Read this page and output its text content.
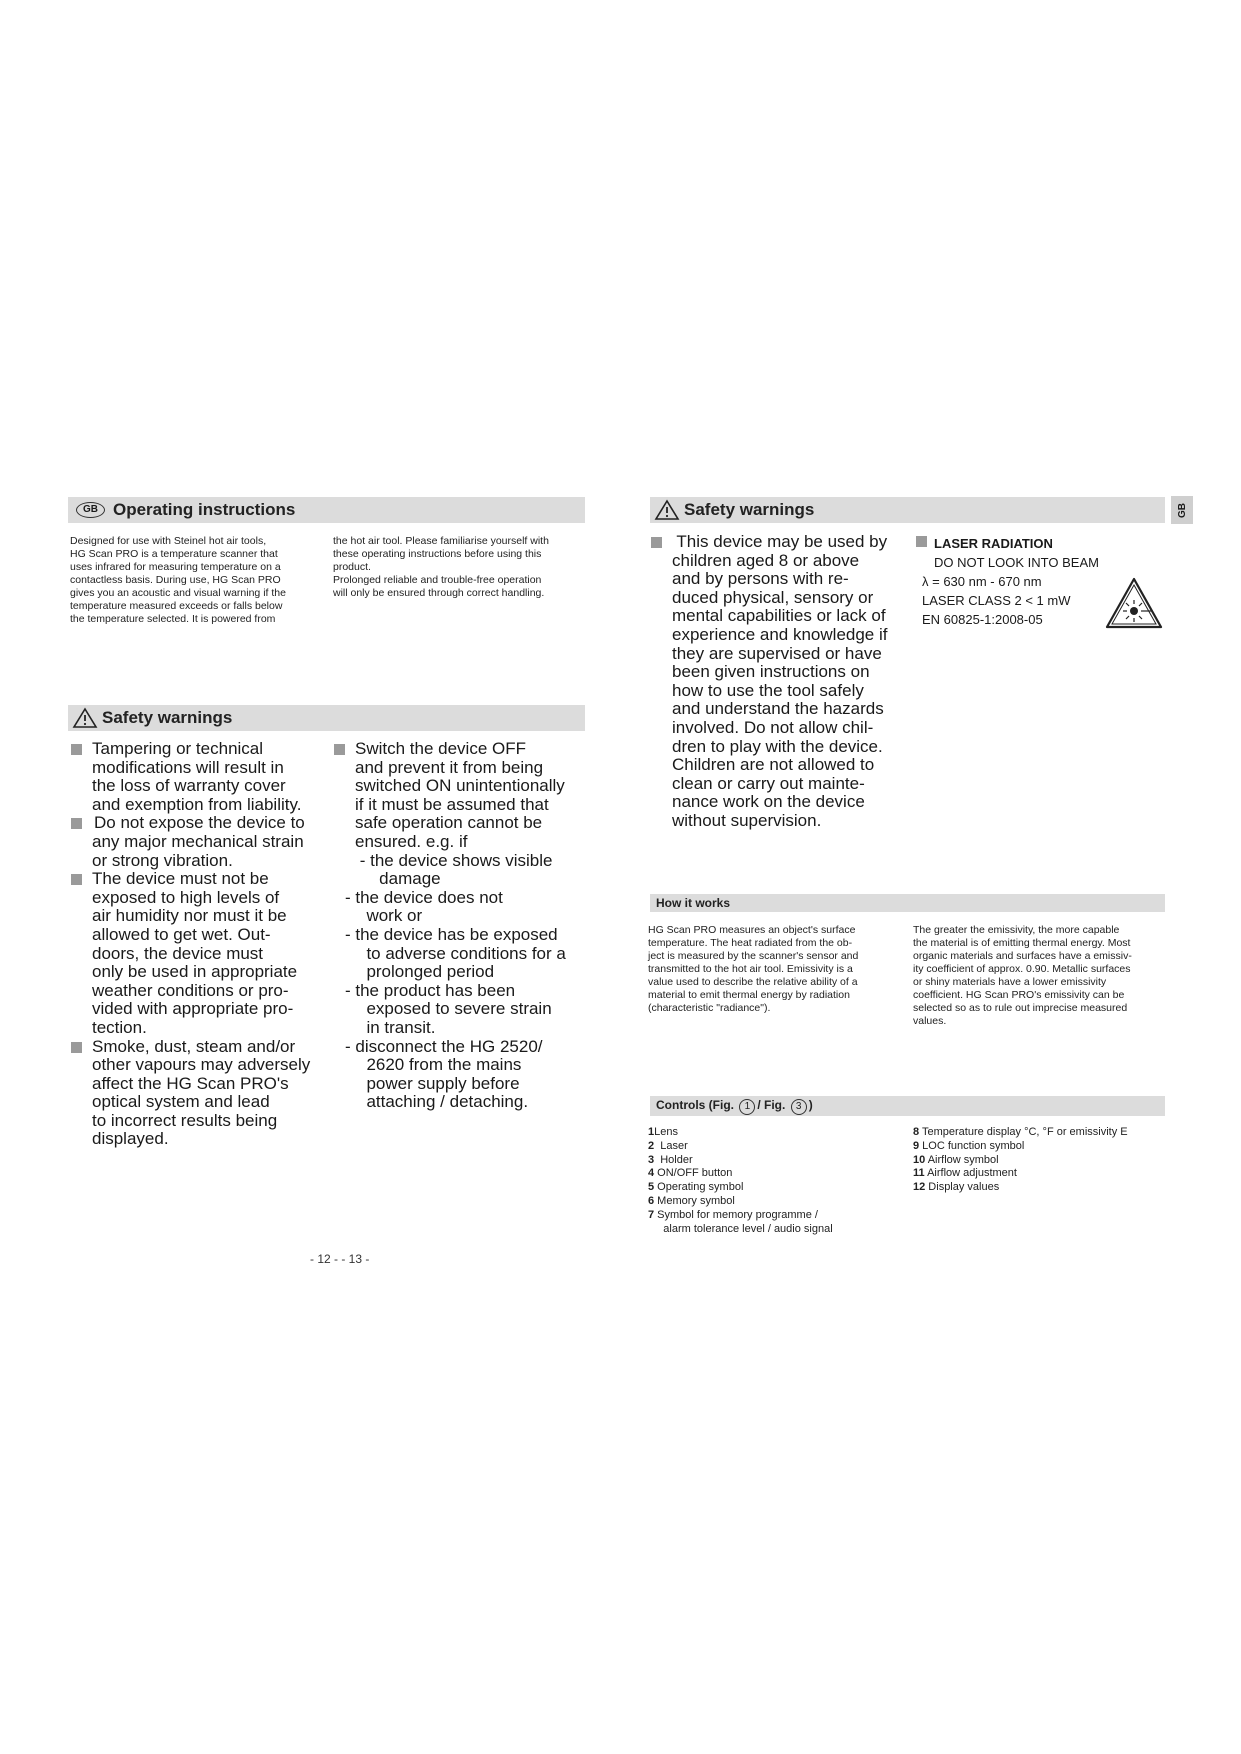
GB Operating instructions
Designed for use with Steinel hot air tools,
HG Scan PRO is a temperature scanner that
uses infrared for measuring temperature on a
contactless basis. During use, HG Scan PRO
gives you an acoustic and visual warning if the
temperature measured exceeds or falls below
the temperature selected. It is powered from
the hot air tool. Please familiarise yourself with
these operating instructions before using this
product.
Prolonged reliable and trouble-free operation
will only be ensured through correct handling.
Safety warnings
Tampering or technical
modifications will result in
the loss of warranty cover
and exemption from liability.
Do not expose the device to
any major mechanical strain
or strong vibration.
The device must not be
exposed to high levels of
air humidity nor must it be
allowed to get wet. Out-
doors, the device must
only be used in appropriate
weather conditions or pro-
vided with appropriate pro-
tection.
Smoke, dust, steam and/or
other vapours may adversely
affect the HG Scan PRO's
optical system and lead
to incorrect results being
displayed.
Switch the device OFF
and prevent it from being
switched ON unintentionally
if it must be assumed that
safe operation cannot be
ensured. e.g. if
- the device shows visible
damage
- the device does not
work or
- the device has be exposed
to adverse conditions for a
prolonged period
- the product has been
exposed to severe strain
in transit.
- disconnect the HG 2520/
2620 from the mains
power supply before
attaching / detaching.
- 12 - - 13 -
Safety warnings	GB
This device may be used by
children aged 8 or above
and by persons with re-
duced physical, sensory or
mental capabilities or lack of
experience and knowledge if
they are supervised or have
been given instructions on
how to use the tool safely
and understand the hazards
involved. Do not allow chil-
dren to play with the device.
Children are not allowed to
clean or carry out mainte-
nance work on the device
without supervision.
LASER RADIATION
DO NOT LOOK INTO BEAM
λ = 630 nm - 670 nm
LASER CLASS 2 < 1 mW
EN 60825-1:2008-05
How it works
HG Scan PRO measures an object's surface
temperature. The heat radiated from the ob-
ject is measured by the scanner's sensor and
transmitted to the hot air tool. Emissivity is a
value used to describe the relative ability of a
material to emit thermal energy by radiation
(characteristic "radiance").
The greater the emissivity, the more capable
the material is of emitting thermal energy. Most
organic materials and surfaces have a emissiv-
ity coefficient of approx. 0.90. Metallic surfaces
or shiny materials have a lower emissivity
coefficient. HG Scan PRO's emissivity can be
selected so as to rule out imprecise measured
values.
Controls (Fig. 1 / Fig. 3 )
1Lens
2  Laser
3  Holder
4 ON/OFF button
5 Operating symbol
6 Memory symbol
7 Symbol for memory programme /
alarm tolerance level / audio signal
8 Temperature display °C, °F or emissivity E
9 LOC function symbol
10 Airflow symbol
11 Airflow adjustment
12 Display values
